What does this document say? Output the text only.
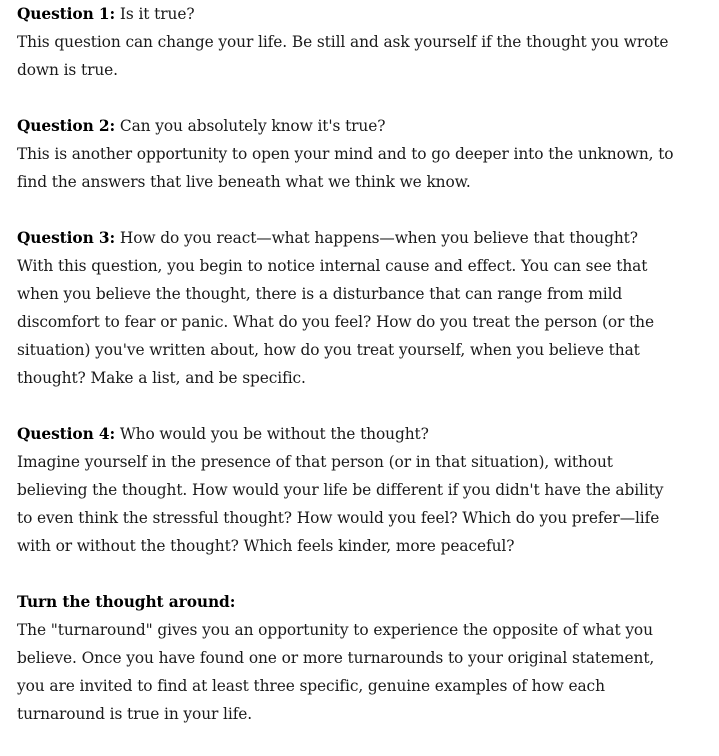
Question 1: Is it true?
This question can change your life. Be still and ask yourself if the thought you wrote down is true.
Question 2: Can you absolutely know it's true?
This is another opportunity to open your mind and to go deeper into the unknown, to find the answers that live beneath what we think we know.
Question 3: How do you react—what happens—when you believe that thought?
With this question, you begin to notice internal cause and effect. You can see that when you believe the thought, there is a disturbance that can range from mild discomfort to fear or panic. What do you feel? How do you treat the person (or the situation) you've written about, how do you treat yourself, when you believe that thought? Make a list, and be specific.
Question 4: Who would you be without the thought?
Imagine yourself in the presence of that person (or in that situation), without believing the thought. How would your life be different if you didn't have the ability to even think the stressful thought? How would you feel? Which do you prefer—life with or without the thought? Which feels kinder, more peaceful?
Turn the thought around:
The "turnaround" gives you an opportunity to experience the opposite of what you believe. Once you have found one or more turnarounds to your original statement, you are invited to find at least three specific, genuine examples of how each turnaround is true in your life.
